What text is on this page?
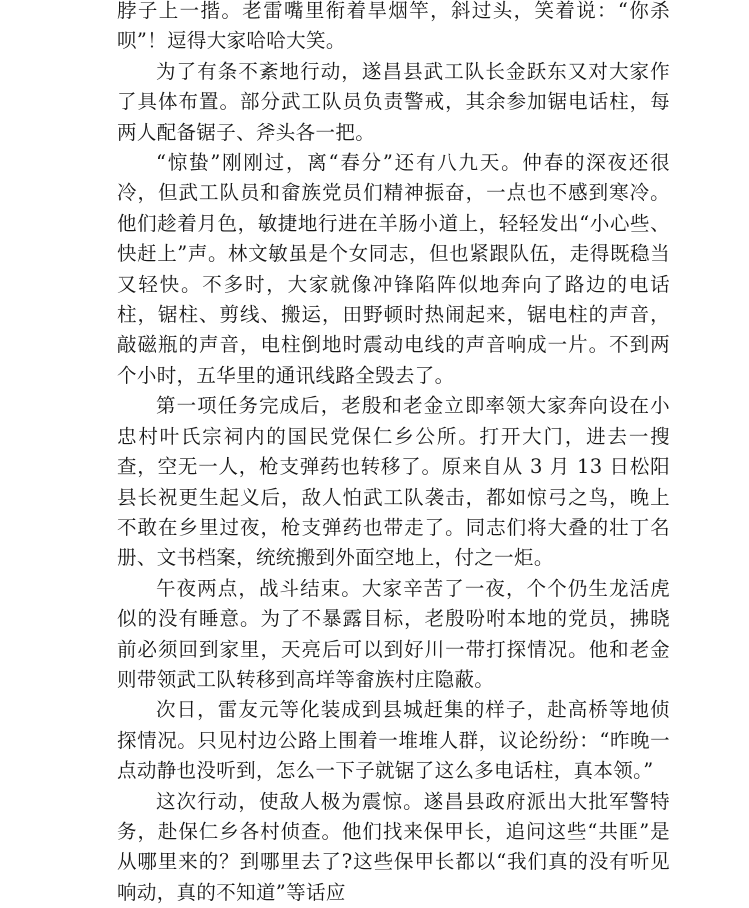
脖子上一揩。老雷嘴里衔着旱烟竿，斜过头，笑着说：“你杀呗”！逗得大家哈哈大笑。

为了有条不紊地行动，遂昌县武工队长金跃东又对大家作了具体布置。部分武工队员负责警戒，其余参加锯电话柱，每两人配备锯子、斧头各一把。

“惊蛰”刚刚过，离“春分”还有八九天。仲春的深夜还很冷，但武工队员和畲族党员们精神振奋，一点也不感到寒冷。他们趁着月色，敏捷地行进在羊肠小道上，轻轻发出“小心些、快赶上”声。林文敏虽是个女同志，但也紧跟队伍，走得既稳当又轻快。不多时，大家就像冲锋陷阵似地奔向了路边的电话柱，锯柱、剪线、搬运，田野顿时热闹起来，锯电柱的声音，敲磁瓶的声音，电柱倒地时震动电线的声音响成一片。不到两个小时，五华里的通讯线路全毁去了。

第一项任务完成后，老殷和老金立即率领大家奔向设在小忠村叶氏宗祠内的国民党保仁乡公所。打开大门，进去一搜查，空无一人，枪支弹药也转移了。原来自从 3 月 13 日松阳县长祝更生起义后，敌人怕武工队袭击，都如惊弓之鸟，晚上不敢在乡里过夜，枪支弹药也带走了。同志们将大叠的壮丁名册、文书档案，统统搬到外面空地上，付之一炬。

午夜两点，战斗结束。大家辛苦了一夜，个个仍生龙活虎似的没有睡意。为了不暴露目标，老殷吩咐本地的党员，拂晓前必须回到家里，天亮后可以到好川一带打探情况。他和老金则带领武工队转移到高垟等畲族村庄隐蔽。

次日，雷友元等化装成到县城赶集的样子，赴高桥等地侦探情况。只见村边公路上围着一堆堆人群，议论纷纷：“昨晚一点动静也没听到，怎么一下子就锯了这么多电话柱，真本领。”

这次行动，使敌人极为震惊。遂昌县政府派出大批军警特务，赴保仁乡各村侦查。他们找来保甲长，追问这些“共匪”是从哪里来的？到哪里去了?这些保甲长都以“我们真的没有听见响动，真的不知道”等话应
